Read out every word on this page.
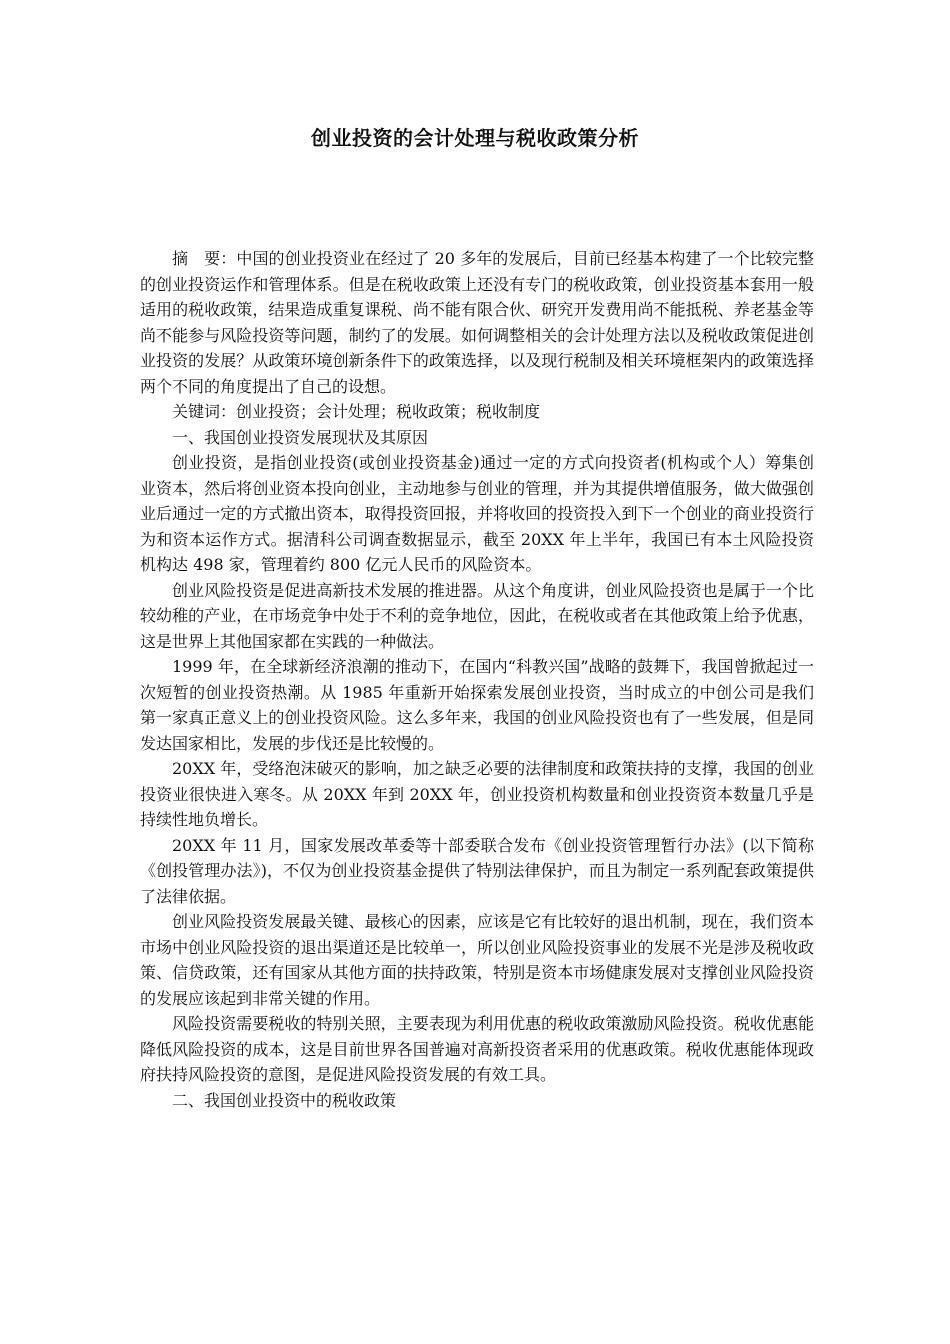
创业投资的会计处理与税收政策分析

摘　要：中国的创业投资业在经过了 20 多年的发展后，目前已经基本构建了一个比较完整的创业投资运作和管理体系。但是在税收政策上还没有专门的税收政策，创业投资基本套用一般适用的税收政策，结果造成重复课税、尚不能有限合伙、研究开发费用尚不能抵税、养老基金等尚不能参与风险投资等问题，制约了的发展。如何调整相关的会计处理方法以及税收政策促进创业投资的发展？从政策环境创新条件下的政策选择，以及现行税制及相关环境框架内的政策选择两个不同的角度提出了自己的设想。

关键词：创业投资；会计处理；税收政策；税收制度

一、我国创业投资发展现状及其原因

创业投资，是指创业投资(或创业投资基金)通过一定的方式向投资者(机构或个人）筹集创业资本，然后将创业资本投向创业，主动地参与创业的管理，并为其提供增值服务，做大做强创业后通过一定的方式撤出资本，取得投资回报，并将收回的投资投入到下一个创业的商业投资行为和资本运作方式。据清科公司调查数据显示，截至 20XX 年上半年，我国已有本土风险投资机构达 498 家，管理着约 800 亿元人民币的风险资本。

创业风险投资是促进高新技术发展的推进器。从这个角度讲，创业风险投资也是属于一个比较幼稚的产业，在市场竞争中处于不利的竞争地位，因此，在税收或者在其他政策上给予优惠，这是世界上其他国家都在实践的一种做法。

1999 年，在全球新经济浪潮的推动下，在国内“科教兴国”战略的鼓舞下，我国曾掀起过一次短暂的创业投资热潮。从 1985 年重新开始探索发展创业投资，当时成立的中创公司是我们第一家真正意义上的创业投资风险。这么多年来，我国的创业风险投资也有了一些发展，但是同发达国家相比，发展的步伐还是比较慢的。

20XX 年，受络泡沫破灭的影响，加之缺乏必要的法律制度和政策扶持的支撑，我国的创业投资业很快进入寒冬。从 20XX 年到 20XX 年，创业投资机构数量和创业投资资本数量几乎是持续性地负增长。

20XX 年 11 月，国家发展改革委等十部委联合发布《创业投资管理暂行办法》(以下简称《创投管理办法》)，不仅为创业投资基金提供了特别法律保护，而且为制定一系列配套政策提供了法律依据。

创业风险投资发展最关键、最核心的因素，应该是它有比较好的退出机制，现在，我们资本市场中创业风险投资的退出渠道还是比较单一，所以创业风险投资事业的发展不光是涉及税收政策、信贷政策，还有国家从其他方面的扶持政策，特别是资本市场健康发展对支撑创业风险投资的发展应该起到非常关键的作用。

风险投资需要税收的特别关照，主要表现为利用优惠的税收政策激励风险投资。税收优惠能降低风险投资的成本，这是目前世界各国普遍对高新投资者采用的优惠政策。税收优惠能体现政府扶持风险投资的意图，是促进风险投资发展的有效工具。

二、我国创业投资中的税收政策
